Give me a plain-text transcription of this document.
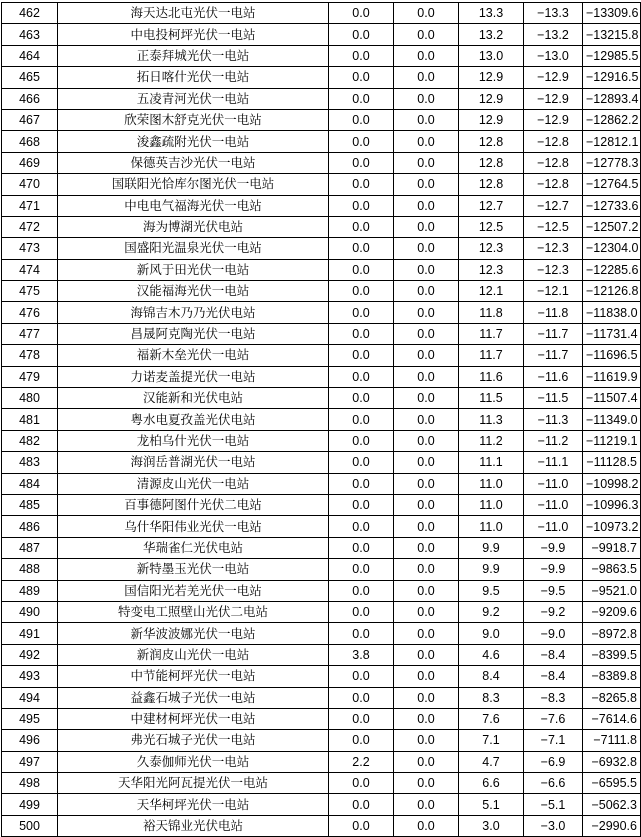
462	海天达北屯光伏一电站	0.0	0.0	13.3	−13.3	−13309.6
463	中电投柯坪光伏一电站	0.0	0.0	13.2	−13.2	−13215.8
464	正泰拜城光伏一电站	0.0	0.0	13.0	−13.0	−12985.5
465	拓日喀什光伏一电站	0.0	0.0	12.9	−12.9	−12916.5
466	五凌青河光伏一电站	0.0	0.0	12.9	−12.9	−12893.4
467	欣荣图木舒克光伏一电站	0.0	0.0	12.9	−12.9	−12862.2
468	浚鑫疏附光伏一电站	0.0	0.0	12.8	−12.8	−12812.1
469	保德英吉沙光伏一电站	0.0	0.0	12.8	−12.8	−12778.3
470	国联阳光恰库尔图光伏一电站	0.0	0.0	12.8	−12.8	−12764.5
471	中电电气福海光伏一电站	0.0	0.0	12.7	−12.7	−12733.6
472	海为博湖光伏电站	0.0	0.0	12.5	−12.5	−12507.2
473	国盛阳光温泉光伏一电站	0.0	0.0	12.3	−12.3	−12304.0
474	新风于田光伏一电站	0.0	0.0	12.3	−12.3	−12285.6
475	汉能福海光伏一电站	0.0	0.0	12.1	−12.1	−12126.8
476	海锦吉木乃乃光伏电站	0.0	0.0	11.8	−11.8	−11838.0
477	昌晟阿克陶光伏一电站	0.0	0.0	11.7	−11.7	−11731.4
478	福新木垒光伏一电站	0.0	0.0	11.7	−11.7	−11696.5
479	力诺麦盖提光伏一电站	0.0	0.0	11.6	−11.6	−11619.9
480	汉能新和光伏电站	0.0	0.0	11.5	−11.5	−11507.4
481	粤水电夏孜盖光伏电站	0.0	0.0	11.3	−11.3	−11349.0
482	龙柏乌什光伏一电站	0.0	0.0	11.2	−11.2	−11219.1
483	海润岳普湖光伏一电站	0.0	0.0	11.1	−11.1	−11128.5
484	清源皮山光伏一电站	0.0	0.0	11.0	−11.0	−10998.2
485	百事德阿图什光伏二电站	0.0	0.0	11.0	−11.0	−10996.3
486	乌什华阳伟业光伏一电站	0.0	0.0	11.0	−11.0	−10973.2
487	华瑞雀仁光伏电站	0.0	0.0	9.9	−9.9	−9918.7
488	新特墨玉光伏一电站	0.0	0.0	9.9	−9.9	−9863.5
489	国信阳光若羌光伏一电站	0.0	0.0	9.5	−9.5	−9521.0
490	特变电工照壁山光伏二电站	0.0	0.0	9.2	−9.2	−9209.6
491	新华波波娜光伏一电站	0.0	0.0	9.0	−9.0	−8972.8
492	新润皮山光伏一电站	3.8	0.0	4.6	−8.4	−8399.5
493	中节能柯坪光伏一电站	0.0	0.0	8.4	−8.4	−8389.8
494	益鑫石城子光伏一电站	0.0	0.0	8.3	−8.3	−8265.8
495	中建材柯坪光伏一电站	0.0	0.0	7.6	−7.6	−7614.6
496	弗光石城子光伏一电站	0.0	0.0	7.1	−7.1	−7111.8
497	久泰伽师光伏一电站	2.2	0.0	4.7	−6.9	−6932.8
498	天华阳光阿瓦提光伏一电站	0.0	0.0	6.6	−6.6	−6595.5
499	天华柯坪光伏一电站	0.0	0.0	5.1	−5.1	−5062.3
500	裕天锦业光伏电站	0.0	0.0	3.0	−3.0	−2990.6
